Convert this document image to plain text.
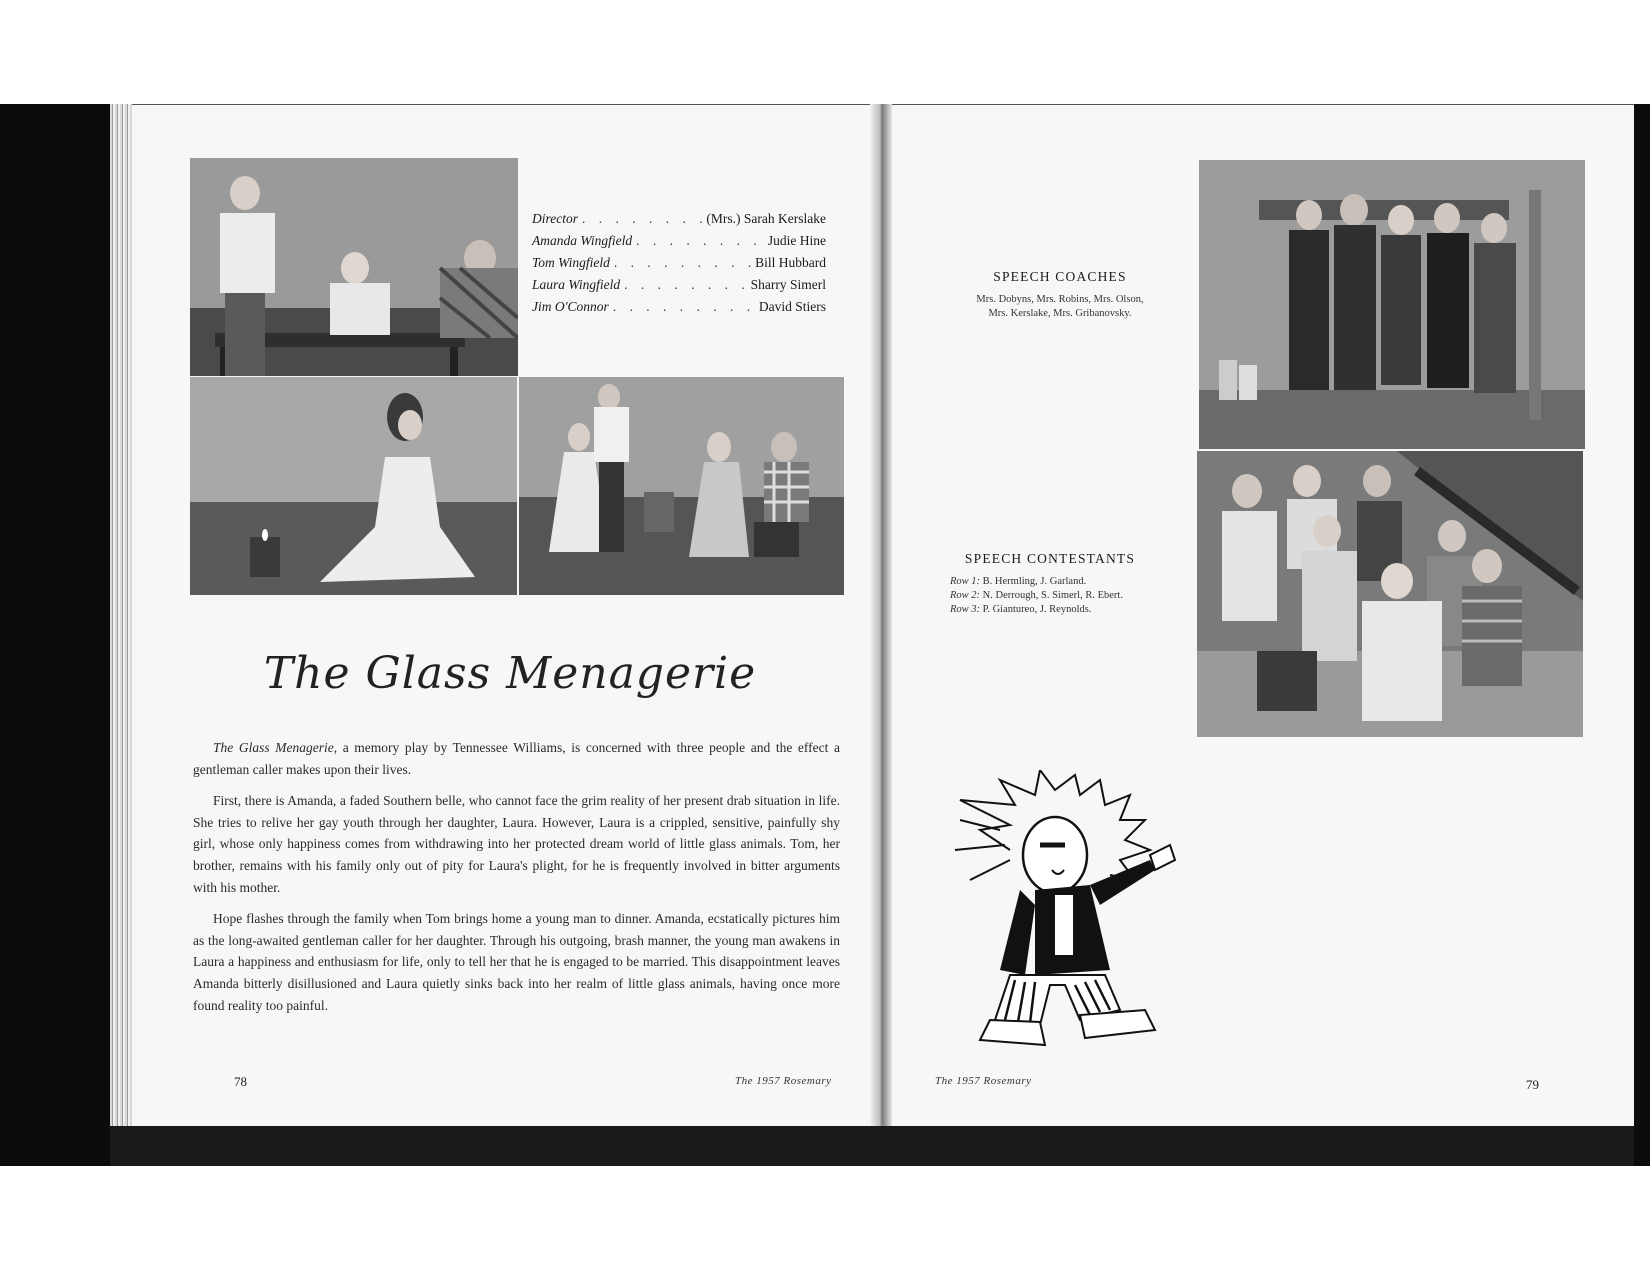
Director . . .	(Mrs.) Sarah Kerslake
Amanda Wingfield . . .	Judie Hine
Tom Wingfield . . .	Bill Hubbard
Laura Wingfield . . .	Sharry Simerl
Jim O'Connor . . .	David Stiers
The Glass Menagerie

The Glass Menagerie, a memory play by Tennessee Williams, is concerned with three people and the effect a gentleman caller makes upon their lives.

First, there is Amanda, a faded Southern belle, who cannot face the grim reality of her present drab situation in life. She tries to relive her gay youth through her daughter, Laura. However, Laura is a crippled, sensitive, painfully shy girl, whose only happiness comes from withdrawing into her protected dream world of little glass animals. Tom, her brother, remains with his family only out of pity for Laura's plight, for he is frequently involved in bitter arguments with his mother.

Hope flashes through the family when Tom brings home a young man to dinner. Amanda, ecstatically pictures him as the long-awaited gentleman caller for her daughter. Through his outgoing, brash manner, the young man awakens in Laura a happiness and enthusiasm for life, only to tell her that he is engaged to be married. This disappointment leaves Amanda bitterly disillusioned and Laura quietly sinks back into her realm of little glass animals, having once more found reality too painful.

78	The 1957 Rosemary	The 1957 Rosemary	79
SPEECH COACHES
Mrs. Dobyns, Mrs. Robins, Mrs. Olson,
Mrs. Kerslake, Mrs. Gribanovsky.
SPEECH CONTESTANTS
Row 1: B. Hermling, J. Garland.
Row 2: N. Derrough, S. Simerl, R. Ebert.
Row 3: P. Giantureo, J. Reynolds.
